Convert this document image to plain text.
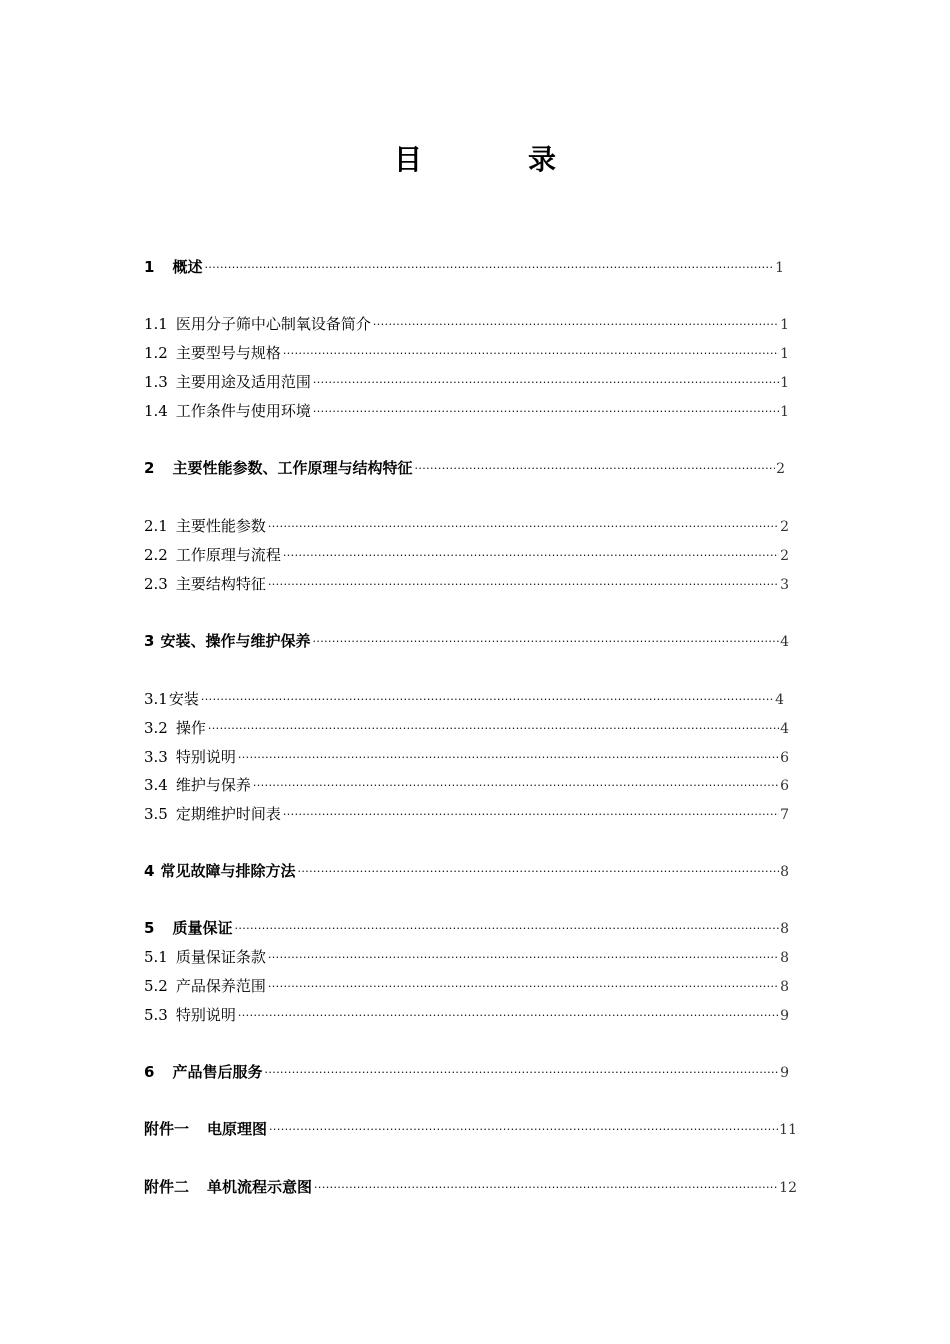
目	录
1 概述 ·····	1
1.1 医用分子筛中心制氧设备简介 ·····	1
1.2 主要型号与规格 ·····	1
1.3 主要用途及适用范围 ·····	1
1.4 工作条件与使用环境 ·····	1
2 主要性能参数、工作原理与结构特征 ·····	2
2.1 主要性能参数 ·····	2
2.2 工作原理与流程 ·····	2
2.3 主要结构特征 ·····	3
3 安装、操作与维护保养 ·····	4
3.1安装 ·····	4
3.2 操作 ·····	4
3.3 特别说明 ·····	6
3.4 维护与保养 ·····	6
3.5 定期维护时间表 ·····	7
4 常见故障与排除方法 ·····	8
5 质量保证 ·····	8
5.1 质量保证条款 ·····	8
5.2 产品保养范围 ·····	8
5.3 特别说明 ·····	9
6 产品售后服务 ·····	9
附件一 电原理图 ·····	11
附件二 单机流程示意图 ·····	12
